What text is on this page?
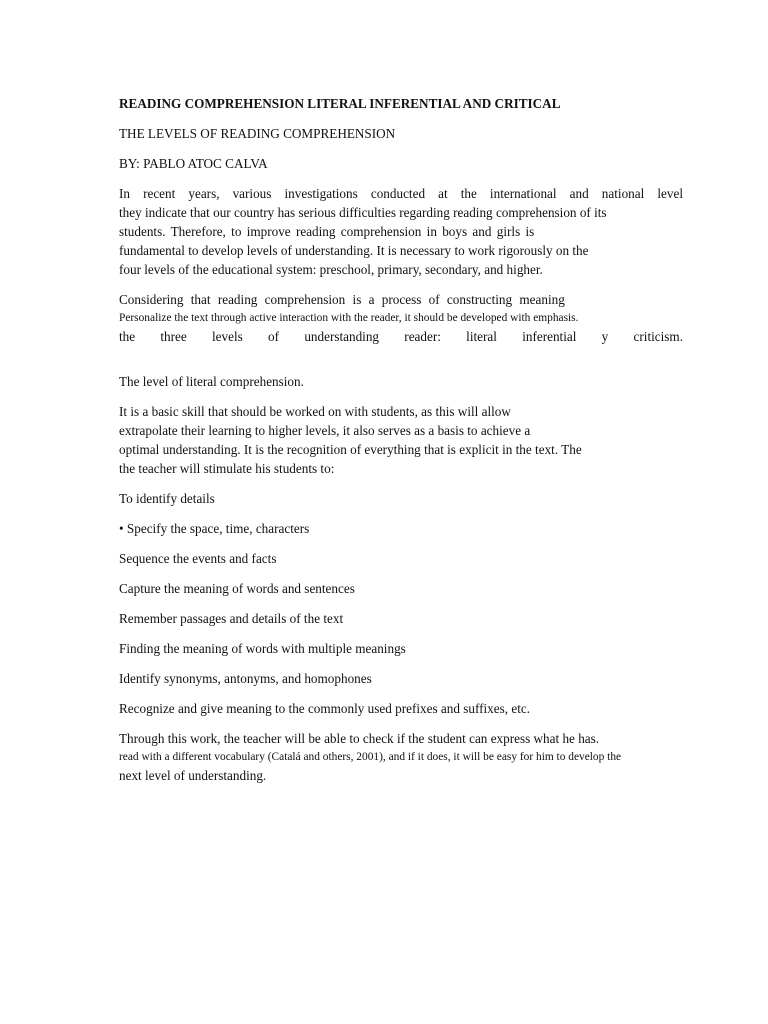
READING COMPREHENSION LITERAL INFERENTIAL AND CRITICAL
THE LEVELS OF READING COMPREHENSION
BY: PABLO ATOC CALVA
In recent years, various investigations conducted at the international and national level
they indicate that our country has serious difficulties regarding reading comprehension of its
students. Therefore, to improve reading comprehension in boys and girls is
fundamental to develop levels of understanding. It is necessary to work rigorously on the
four levels of the educational system: preschool, primary, secondary, and higher.
Considering that reading comprehension is a process of constructing meaning
Personalize the text through active interaction with the reader, it should be developed with emphasis.
the three levels of understanding reader: literal inferential y criticism.
The level of literal comprehension.
It is a basic skill that should be worked on with students, as this will allow
extrapolate their learning to higher levels, it also serves as a basis to achieve a
optimal understanding. It is the recognition of everything that is explicit in the text. The
the teacher will stimulate his students to:
To identify details
• Specify the space, time, characters
Sequence the events and facts
Capture the meaning of words and sentences
Remember passages and details of the text
Finding the meaning of words with multiple meanings
Identify synonyms, antonyms, and homophones
Recognize and give meaning to the commonly used prefixes and suffixes, etc.
Through this work, the teacher will be able to check if the student can express what he has.
read with a different vocabulary (Catalá and others, 2001), and if it does, it will be easy for him to develop the
next level of understanding.
